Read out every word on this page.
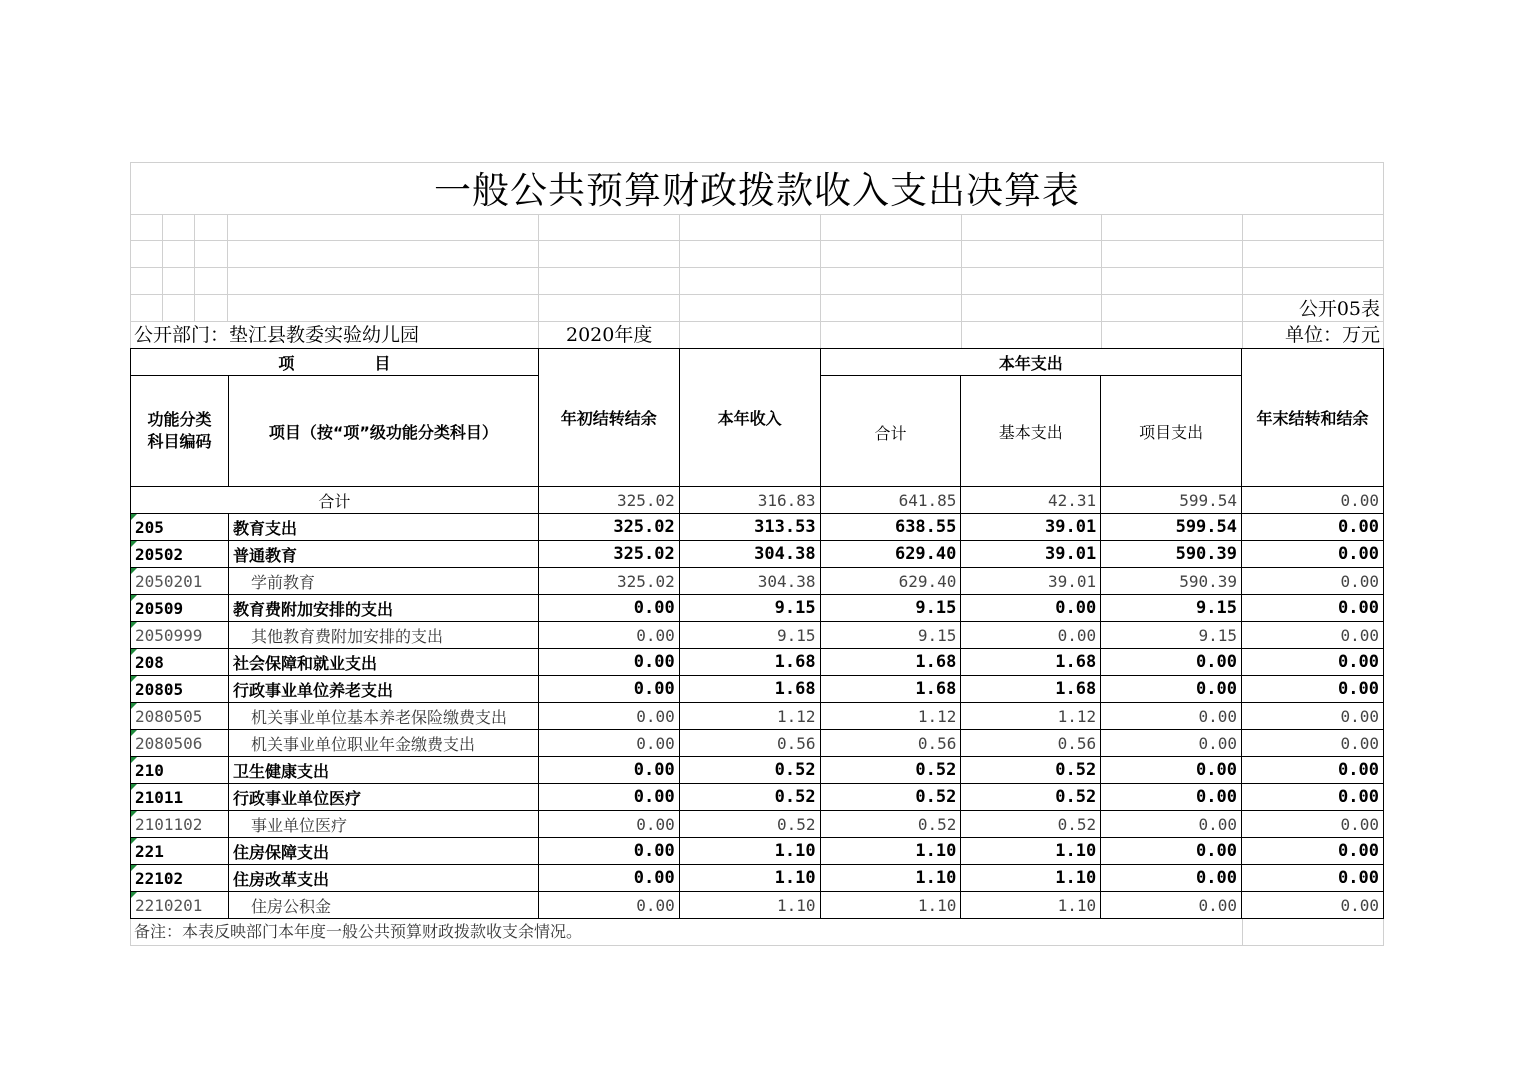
一般公共预算财政拨款收入支出决算表
公开05表
公开部门：垫江县教委实验幼儿园	2020年度	单位：万元
项　　　　　目		年初结转结余	本年收入	本年支出			年末结转和结余
功能分类
科目编码	项目（按“项”级功能分类科目）			合计	基本支出	项目支出	
合计		325.02	316.83	641.85	42.31	599.54	0.00

205	教育支出	325.02	313.53	638.55	39.01	599.54	0.00

20502	普通教育	325.02	304.38	629.40	39.01	590.39	0.00

2050201	学前教育	325.02	304.38	629.40	39.01	590.39	0.00

20509	教育费附加安排的支出	0.00	9.15	9.15	0.00	9.15	0.00

2050999	其他教育费附加安排的支出	0.00	9.15	9.15	0.00	9.15	0.00

208	社会保障和就业支出	0.00	1.68	1.68	1.68	0.00	0.00

20805	行政事业单位养老支出	0.00	1.68	1.68	1.68	0.00	0.00

2080505	机关事业单位基本养老保险缴费支出	0.00	1.12	1.12	1.12	0.00	0.00

2080506	机关事业单位职业年金缴费支出	0.00	0.56	0.56	0.56	0.00	0.00

210	卫生健康支出	0.00	0.52	0.52	0.52	0.00	0.00

21011	行政事业单位医疗	0.00	0.52	0.52	0.52	0.00	0.00

2101102	事业单位医疗	0.00	0.52	0.52	0.52	0.00	0.00

221	住房保障支出	0.00	1.10	1.10	1.10	0.00	0.00

22102	住房改革支出	0.00	1.10	1.10	1.10	0.00	0.00

2210201	住房公积金	0.00	1.10	1.10	1.10	0.00	0.00
备注：本表反映部门本年度一般公共预算财政拨款收支余情况。
